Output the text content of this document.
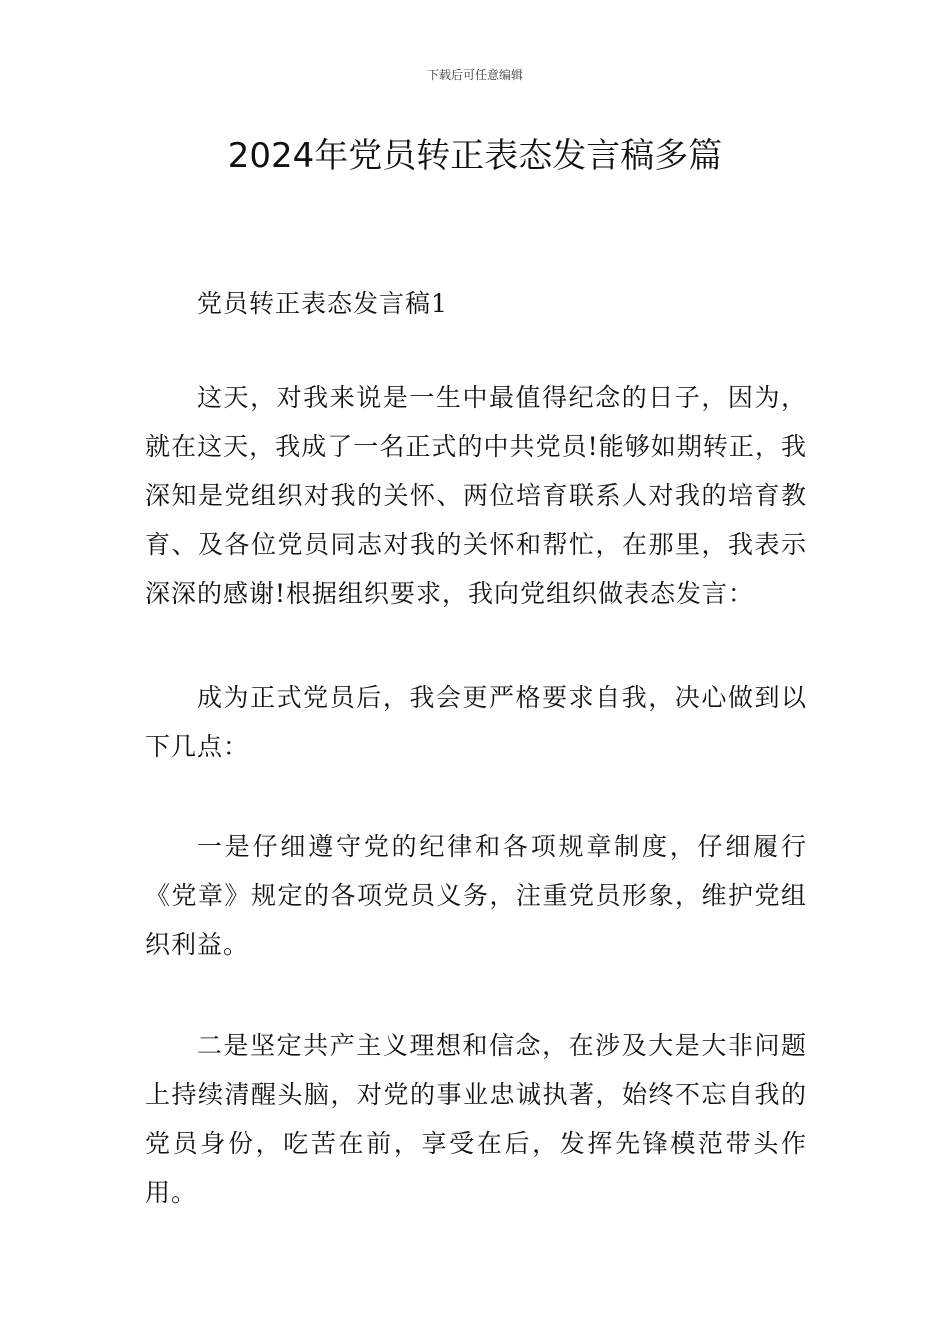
下载后可任意编辑
2024年党员转正表态发言稿多篇

党员转正表态发言稿1

这天，对我来说是一生中最值得纪念的日子，因为，就在这天，我成了一名正式的中共党员!能够如期转正，我深知是党组织对我的关怀、两位培育联系人对我的培育教育、及各位党员同志对我的关怀和帮忙，在那里，我表示深深的感谢!根据组织要求，我向党组织做表态发言：

成为正式党员后，我会更严格要求自我，决心做到以下几点：

一是仔细遵守党的纪律和各项规章制度，仔细履行《党章》规定的各项党员义务，注重党员形象，维护党组织利益。

二是坚定共产主义理想和信念，在涉及大是大非问题上持续清醒头脑，对党的事业忠诚执著，始终不忘自我的党员身份，吃苦在前，享受在后，发挥先锋模范带头作用。
